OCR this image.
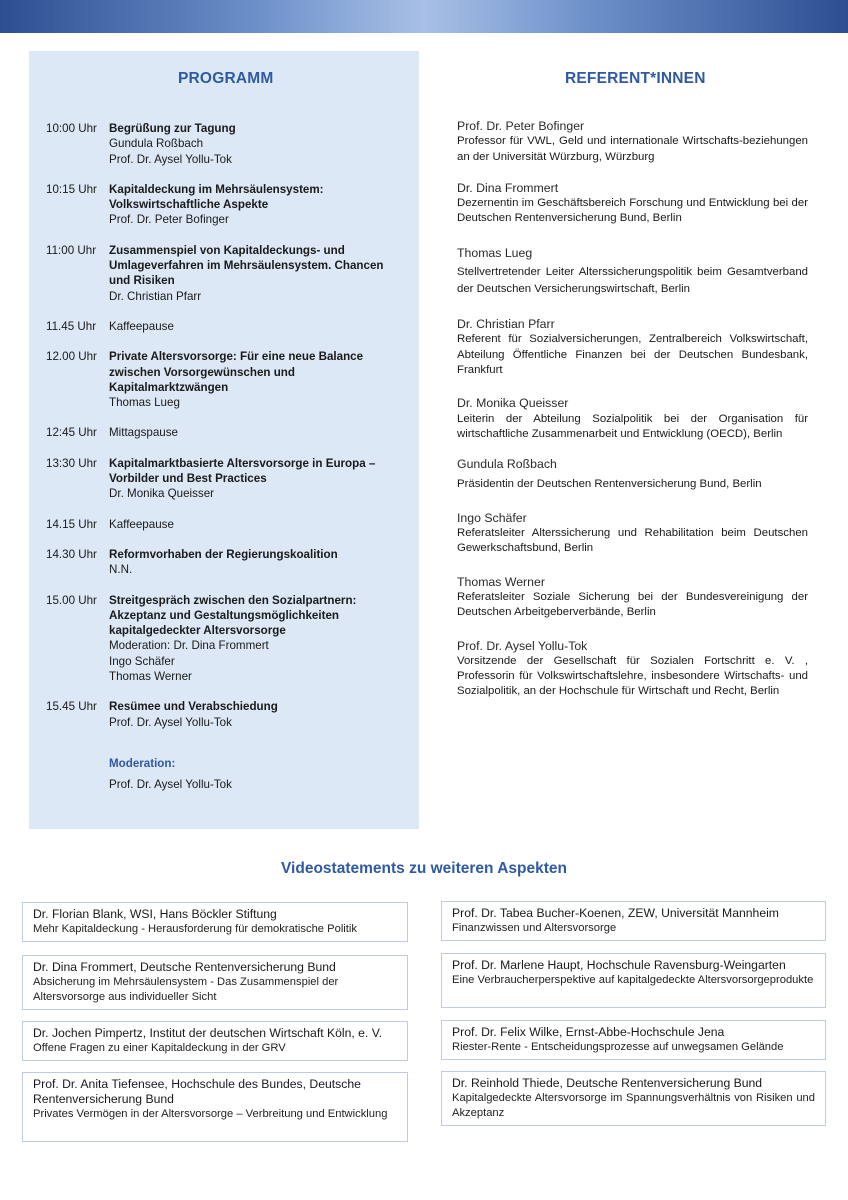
PROGRAMM
10:00 Uhr	Begrüßung zur Tagung
Gundula Roßbach
Prof. Dr. Aysel Yollu-Tok
10:15 Uhr	Kapitaldeckung im Mehrsäulensystem: Volkswirtschaftliche Aspekte
Prof. Dr. Peter Bofinger
11:00 Uhr	Zusammenspiel von Kapitaldeckungs- und Umlageverfahren im Mehrsäulensystem. Chancen und Risiken
Dr. Christian Pfarr
11.45 Uhr	Kaffeepause
12.00 Uhr	Private Altersvorsorge: Für eine neue Balance zwischen Vorsorgewünschen und Kapitalmarktzwängen
Thomas Lueg
12:45 Uhr	Mittagspause
13:30 Uhr	Kapitalmarktbasierte Altersvorsorge in Europa – Vorbilder und Best Practices
Dr. Monika Queisser
14.15 Uhr	Kaffeepause
14.30 Uhr	Reformvorhaben der Regierungskoalition
N.N.
15.00 Uhr	Streitgespräch zwischen den Sozialpartnern: Akzeptanz und Gestaltungsmöglichkeiten kapitalgedeckter Altersvorsorge
Moderation: Dr. Dina Frommert
Ingo Schäfer
Thomas Werner
15.45 Uhr	Resümee und Verabschiedung
Prof. Dr. Aysel Yollu-Tok
Moderation:
Prof. Dr. Aysel Yollu-Tok
REFERENT*INNEN
Prof. Dr. Peter Bofinger
Professor für VWL, Geld und internationale Wirtschafts-beziehungen an der Universität Würzburg, Würzburg
Dr. Dina Frommert
Dezernentin im Geschäftsbereich Forschung und Entwicklung bei der Deutschen Rentenversicherung Bund, Berlin
Thomas Lueg
Stellvertretender Leiter Alterssicherungspolitik beim Gesamtverband der Deutschen Versicherungswirtschaft, Berlin
Dr. Christian Pfarr
Referent für Sozialversicherungen, Zentralbereich Volkswirtschaft, Abteilung Öffentliche Finanzen bei der Deutschen Bundesbank, Frankfurt
Dr. Monika Queisser
Leiterin der Abteilung Sozialpolitik bei der Organisation für wirtschaftliche Zusammenarbeit und Entwicklung (OECD), Berlin
Gundula Roßbach
Präsidentin der Deutschen Rentenversicherung Bund, Berlin
Ingo Schäfer
Referatsleiter Alterssicherung und Rehabilitation beim Deutschen Gewerkschaftsbund, Berlin
Thomas Werner
Referatsleiter Soziale Sicherung bei der Bundesvereinigung der Deutschen Arbeitgeberverbände, Berlin
Prof. Dr. Aysel Yollu-Tok
Vorsitzende der Gesellschaft für Sozialen Fortschritt e. V. , Professorin für Volkswirtschaftslehre, insbesondere Wirtschafts- und Sozialpolitik, an der Hochschule für Wirtschaft und Recht, Berlin
Videostatements zu weiteren Aspekten
Dr. Florian Blank, WSI, Hans Böckler Stiftung
Mehr Kapitaldeckung - Herausforderung für demokratische Politik
Dr. Dina Frommert, Deutsche Rentenversicherung Bund
Absicherung im Mehrsäulensystem - Das Zusammenspiel der Altersvorsorge aus individueller Sicht
Dr. Jochen Pimpertz, Institut der deutschen Wirtschaft Köln, e. V.
Offene Fragen zu einer Kapitaldeckung in der GRV
Prof. Dr. Anita Tiefensee, Hochschule des Bundes, Deutsche Rentenversicherung Bund
Privates Vermögen in der Altersvorsorge – Verbreitung und Entwicklung
Prof. Dr. Tabea Bucher-Koenen, ZEW, Universität Mannheim
Finanzwissen und Altersvorsorge
Prof. Dr. Marlene Haupt, Hochschule Ravensburg-Weingarten
Eine Verbraucherperspektive auf kapitalgedeckte Altersvorsorgeprodukte
Prof. Dr. Felix Wilke, Ernst-Abbe-Hochschule Jena
Riester-Rente - Entscheidungsprozesse auf unwegsamen Gelände
Dr. Reinhold Thiede, Deutsche Rentenversicherung Bund
Kapitalgedeckte Altersvorsorge im Spannungsverhältnis von Risiken und Akzeptanz
